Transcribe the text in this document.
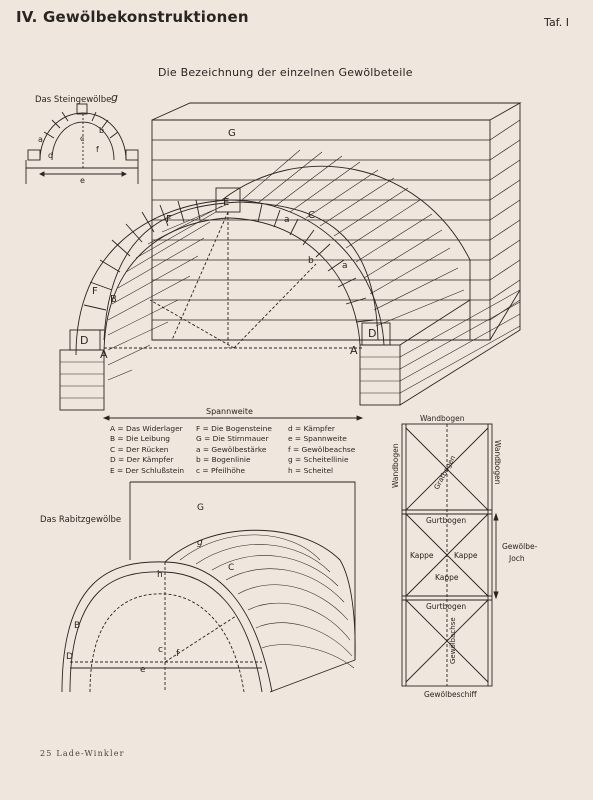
IV. Gewölbekonstruktionen	Taf. I
Die Bezeichnung der einzelnen Gewölbeteile
Das Steingewölbe g
a	c
b
f
d
e
G
E
F
F
B
D
D
A	A
C
a
a
b
Spannweite
Das Rabitzgewölbe
G
g
C
h
B
D
c f
e
Wandbogen
Wandbogen	Wandbogen
Gratbogen
Gurtbogen
Gurtbogen
Kappe	Kappe
Kappe
Gewölbachse
Gewölbeschiff
Gewölbe-
Joch
A = Das Widerlager
B = Die Leibung
C = Der Rücken
D = Der Kämpfer
E = Der Schlußstein
F = Die Bogensteine
G = Die Stirnmauer
a = Gewölbestärke
b = Bogenlinie
c = Pfeilhöhe
d = Kämpfer
e = Spannweite
f = Gewölbeachse
g = Scheitellinie
h = Scheitel
25 Lade-Winkler
